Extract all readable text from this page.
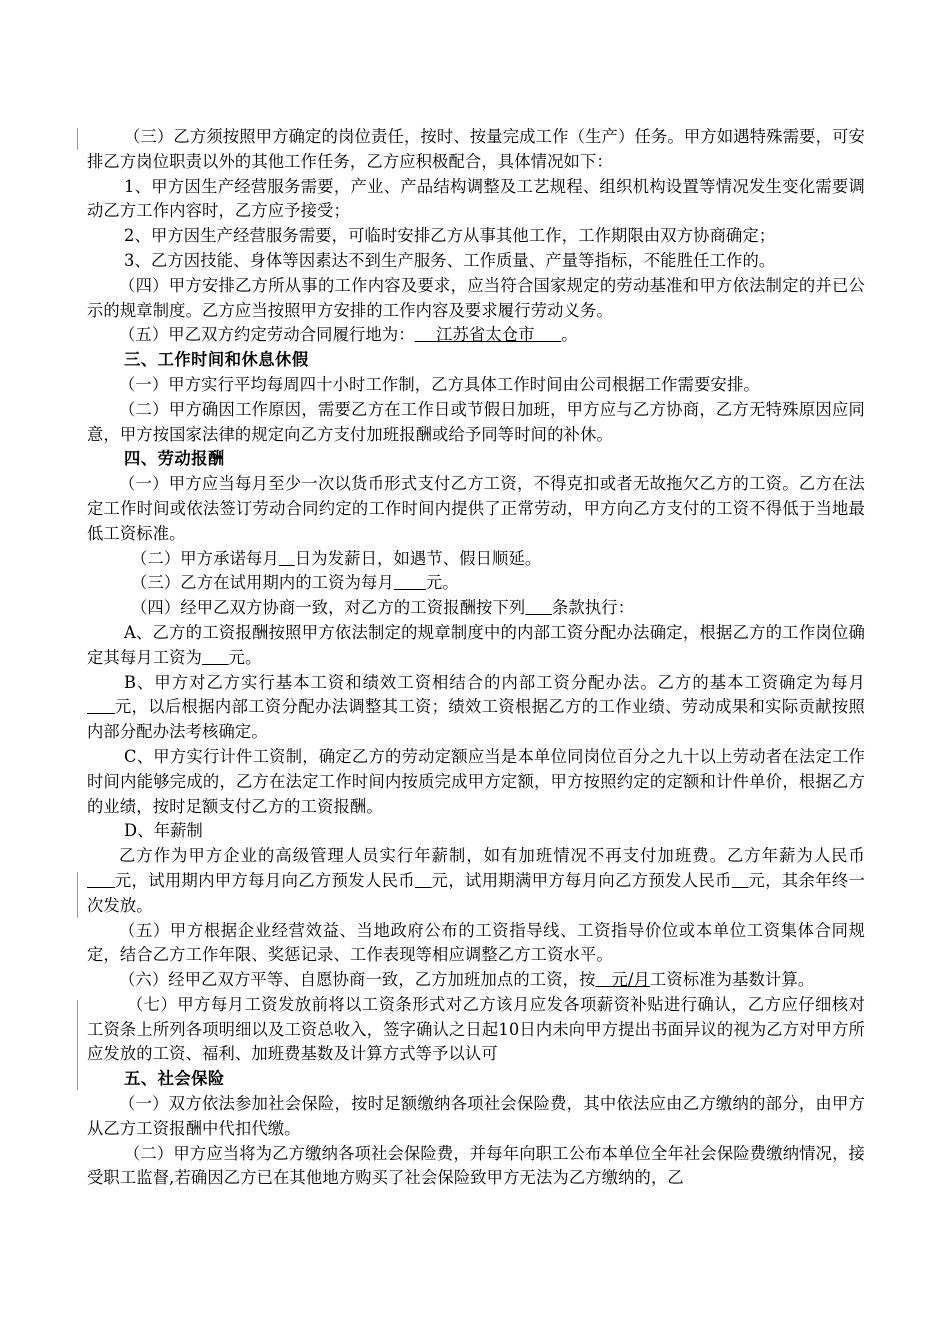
（三）乙方须按照甲方确定的岗位责任，按时、按量完成工作（生产）任务。甲方如遇特殊需要，可安排乙方岗位职责以外的其他工作任务，乙方应积极配合，具体情况如下：

1、甲方因生产经营服务需要，产业、产品结构调整及工艺规程、组织机构设置等情况发生变化需要调动乙方工作内容时，乙方应予接受；

2、甲方因生产经营服务需要，可临时安排乙方从事其他工作，工作期限由双方协商确定；

3、乙方因技能、身体等因素达不到生产服务、工作质量、产量等指标，不能胜任工作的。

（四）甲方安排乙方所从事的工作内容及要求，应当符合国家规定的劳动基准和甲方依法制定的并已公示的规章制度。乙方应当按照甲方安排的工作内容及要求履行劳动义务。

（五）甲乙双方约定劳动合同履行地为：    江苏省太仓市     。

三、工作时间和休息休假

（一）甲方实行平均每周四十小时工作制，乙方具体工作时间由公司根据工作需要安排。

（二）甲方确因工作原因，需要乙方在工作日或节假日加班，甲方应与乙方协商，乙方无特殊原因应同意，甲方按国家法律的规定向乙方支付加班报酬或给予同等时间的补休。

四、劳动报酬

（一）甲方应当每月至少一次以货币形式支付乙方工资，不得克扣或者无故拖欠乙方的工资。乙方在法定工作时间或依法签订劳动合同约定的工作时间内提供了正常劳动，甲方向乙方支付的工资不得低于当地最低工资标准。

（二）甲方承诺每月 日为发薪日，如遇节、假日顺延。

（三）乙方在试用期内的工资为每月 元。

（四）经甲乙双方协商一致，对乙方的工资报酬按下列 条款执行：

A、乙方的工资报酬按照甲方依法制定的规章制度中的内部工资分配办法确定，根据乙方的工作岗位确定其每月工资为 元。

B、甲方对乙方实行基本工资和绩效工资相结合的内部工资分配办法。乙方的基本工资确定为每月     元，以后根据内部工资分配办法调整其工资；绩效工资根据乙方的工作业绩、劳动成果和实际贡献按照内部分配办法考核确定。

C、甲方实行计件工资制，确定乙方的劳动定额应当是本单位同岗位百分之九十以上劳动者在法定工作时间内能够完成的，乙方在法定工作时间内按质完成甲方定额，甲方按照约定的定额和计件单价，根据乙方的业绩，按时足额支付乙方的工资报酬。

D、年薪制

乙方作为甲方企业的高级管理人员实行年薪制，如有加班情况不再支付加班费。乙方年薪为人民币     元，试用期内甲方每月向乙方预发人民币 元，试用期满甲方每月向乙方预发人民币 元，其余年终一次发放。

（五）甲方根据企业经营效益、当地政府公布的工资指导线、工资指导价位或本单位工资集体合同规定，结合乙方工作年限、奖惩记录、工作表现等相应调整乙方工资水平。

（六）经甲乙双方平等、自愿协商一致，乙方加班加点的工资，按   元/月工资标准为基数计算。

（七）甲方每月工资发放前将以工资条形式对乙方该月应发各项薪资补贴进行确认，乙方应仔细核对工资条上所列各项明细以及工资总收入，签字确认之日起10日内未向甲方提出书面异议的视为乙方对甲方所应发放的工资、福利、加班费基数及计算方式等予以认可

五、社会保险

（一）双方依法参加社会保险，按时足额缴纳各项社会保险费，其中依法应由乙方缴纳的部分，由甲方从乙方工资报酬中代扣代缴。

（二）甲方应当将为乙方缴纳各项社会保险费，并每年向职工公布本单位全年社会保险费缴纳情况，接受职工监督,若确因乙方已在其他地方购买了社会保险致甲方无法为乙方缴纳的，乙
